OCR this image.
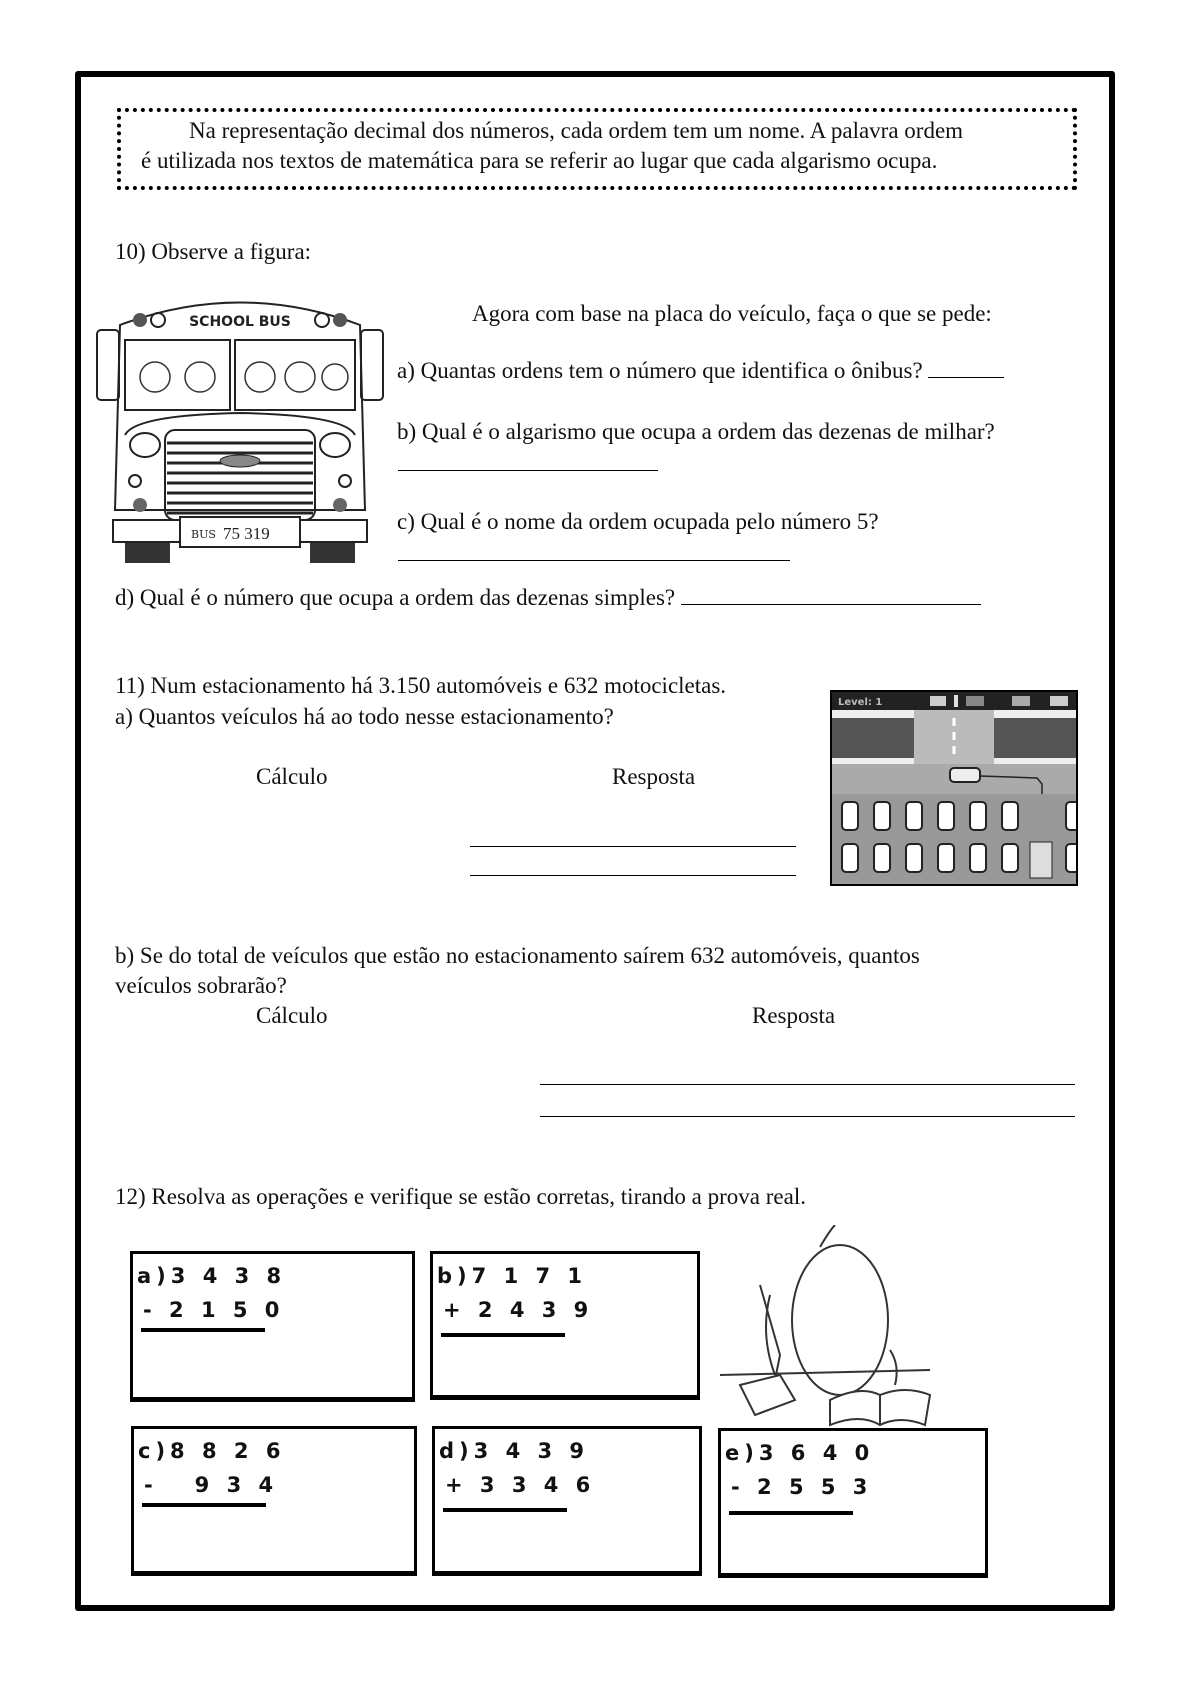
Na representação decimal dos números, cada ordem tem um nome. A palavra ordem

é utilizada nos textos de matemática para se referir ao lugar que cada algarismo ocupa.
10) Observe a figura:
SCHOOL BUS
BUS 75 319
Agora com base na placa do veículo, faça o que se pede:
a) Quantas ordens tem o número que identifica o ônibus?
b) Qual é o algarismo que ocupa a ordem das dezenas de milhar?
c) Qual é o nome da ordem ocupada pelo número 5?
d) Qual é o número que ocupa a ordem das dezenas simples?
11) Num estacionamento há 3.150 automóveis e 632 motocicletas.
a) Quantos veículos há ao todo nesse estacionamento?
Cálculo	Resposta
Level: 1
b) Se do total de veículos que estão no estacionamento saírem 632 automóveis, quantos
veículos sobrarão?
Cálculo	Resposta
12) Resolva as operações e verifique se estão corretas, tirando a prova real.
a)3 4 3 8
- 2 1 5 0
b)7 1 7 1
+ 2 4 3 9
c)8 8 2 6
-   9 3 4
d)3 4 3 9
+ 3 3 4 6
e)3 6 4 0
- 2 5 5 3
